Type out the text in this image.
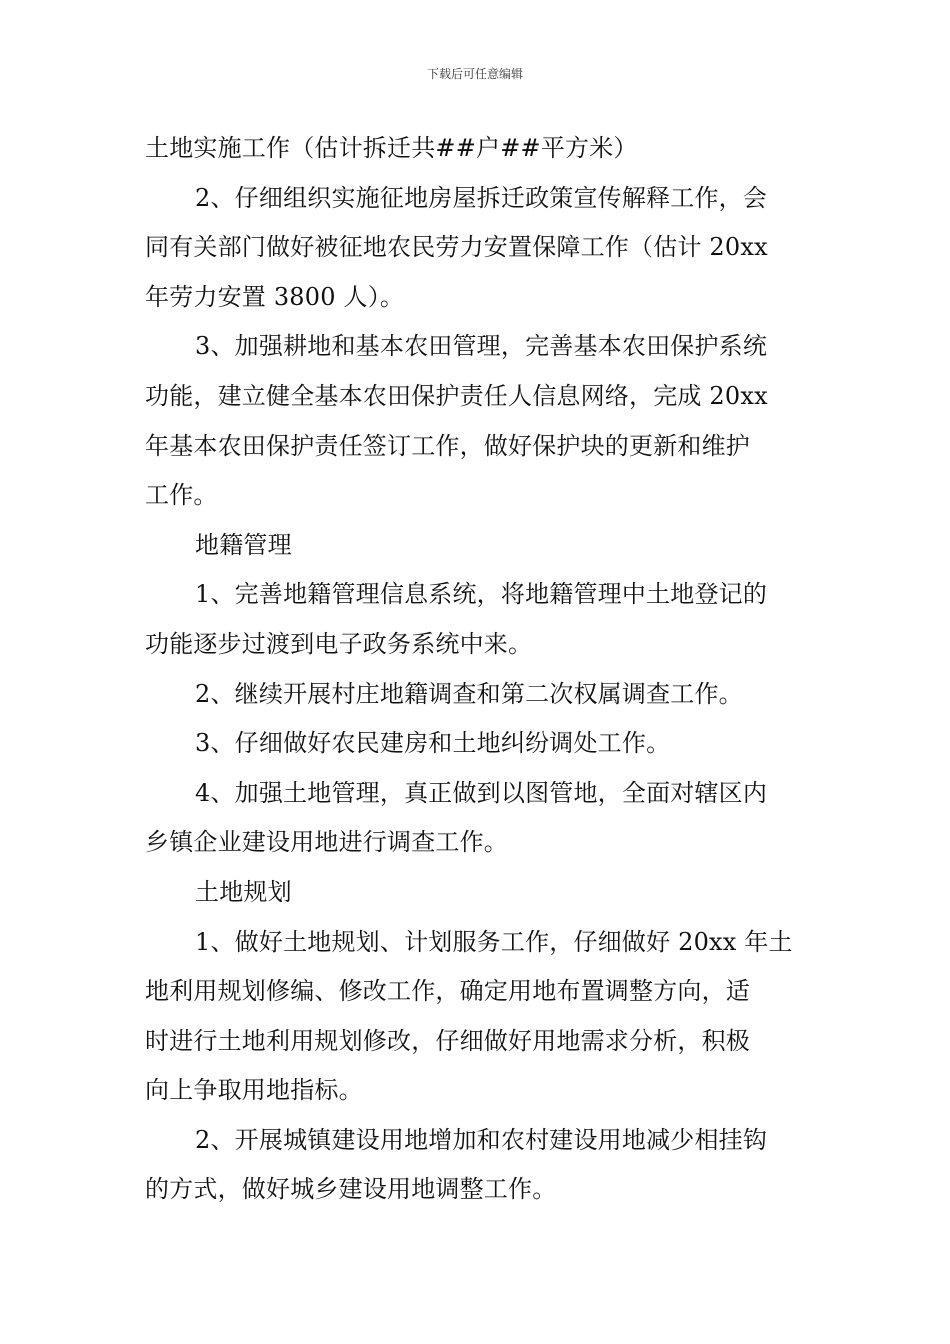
下载后可任意编辑
土地实施工作（估计拆迁共##户##平方米）
2、仔细组织实施征地房屋拆迁政策宣传解释工作，会
同有关部门做好被征地农民劳力安置保障工作（估计 20xx
年劳力安置 3800 人）。
3、加强耕地和基本农田管理，完善基本农田保护系统
功能，建立健全基本农田保护责任人信息网络，完成 20xx
年基本农田保护责任签订工作，做好保护块的更新和维护
工作。
地籍管理
1、完善地籍管理信息系统，将地籍管理中土地登记的
功能逐步过渡到电子政务系统中来。
2、继续开展村庄地籍调查和第二次权属调查工作。
3、仔细做好农民建房和土地纠纷调处工作。
4、加强土地管理，真正做到以图管地，全面对辖区内
乡镇企业建设用地进行调查工作。
土地规划
1、做好土地规划、计划服务工作，仔细做好 20xx 年土
地利用规划修编、修改工作，确定用地布置调整方向，适
时进行土地利用规划修改，仔细做好用地需求分析，积极
向上争取用地指标。
2、开展城镇建设用地增加和农村建设用地减少相挂钩
的方式，做好城乡建设用地调整工作。
